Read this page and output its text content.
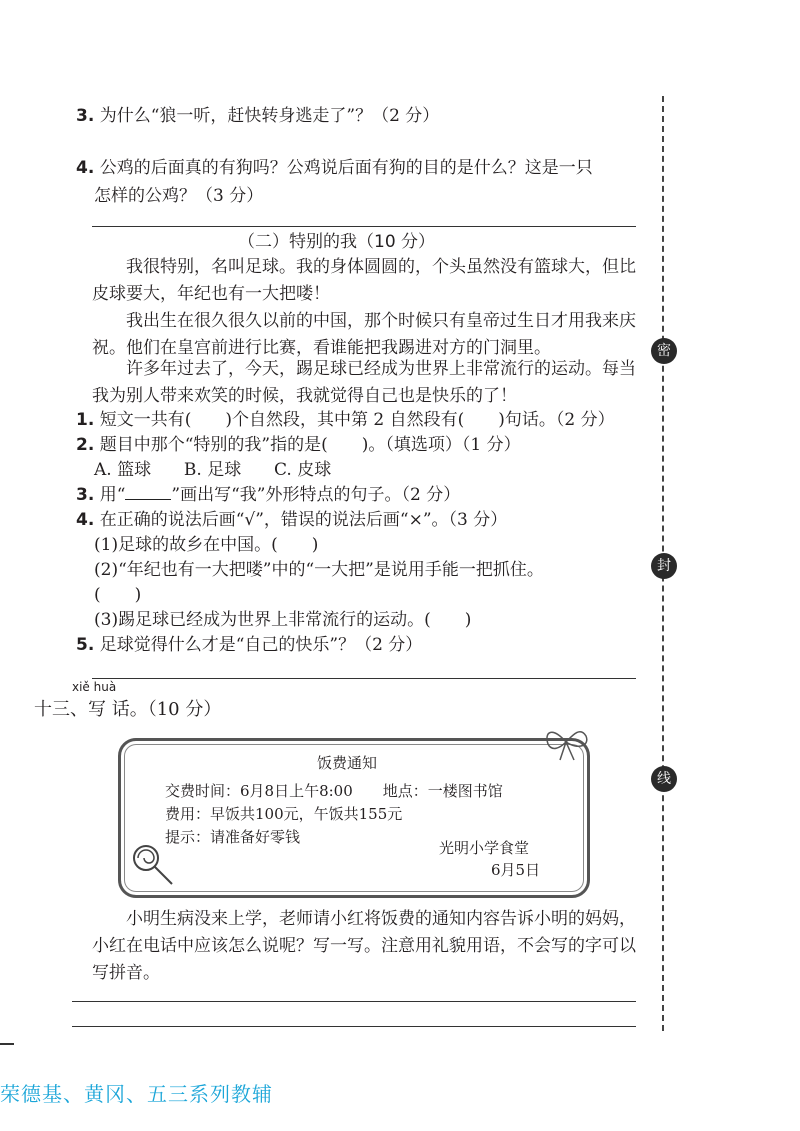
3. 为什么“狼一听，赶快转身逃走了”？（2 分）
4. 公鸡的后面真的有狗吗？公鸡说后面有狗的目的是什么？这是一只
怎样的公鸡？（3 分）
（二）特别的我（10 分）
我很特别，名叫足球。我的身体圆圆的，个头虽然没有篮球大，但比皮球要大，年纪也有一大把喽！
我出生在很久很久以前的中国，那个时候只有皇帝过生日才用我来庆祝。他们在皇宫前进行比赛，看谁能把我踢进对方的门洞里。
许多年过去了，今天，踢足球已经成为世界上非常流行的运动。每当我为别人带来欢笑的时候，我就觉得自己也是快乐的了！
1. 短文一共有(　　)个自然段，其中第 2 自然段有(　　)句话。（2 分）
2. 题目中那个“特别的我”指的是(　　)。（填选项）（1 分）
A. 篮球 B. 足球 C. 皮球
3. 用“	”画出写“我”外形特点的句子。（2 分）
4. 在正确的说法后画“√”，错误的说法后画“×”。（3 分）
(1)足球的故乡在中国。(　　)
(2)“年纪也有一大把喽”中的“一大把”是说用手能一把抓住。
(　　)
(3)踢足球已经成为世界上非常流行的运动。(　　)
5. 足球觉得什么才是“自己的快乐”？（2 分）
xiě huà
十三、写 话。（10 分）
饭费通知
交费时间：6月8日上午8:00　　地点：一楼图书馆
费用：早饭共100元，午饭共155元
提示：请准备好零钱
光明小学食堂
6月5日
小明生病没来上学，老师请小红将饭费的通知内容告诉小明的妈妈，小红在电话中应该怎么说呢？写一写。注意用礼貌用语，不会写的字可以写拼音。
密
封
线
荣德基、黄冈、五三系列教辅
